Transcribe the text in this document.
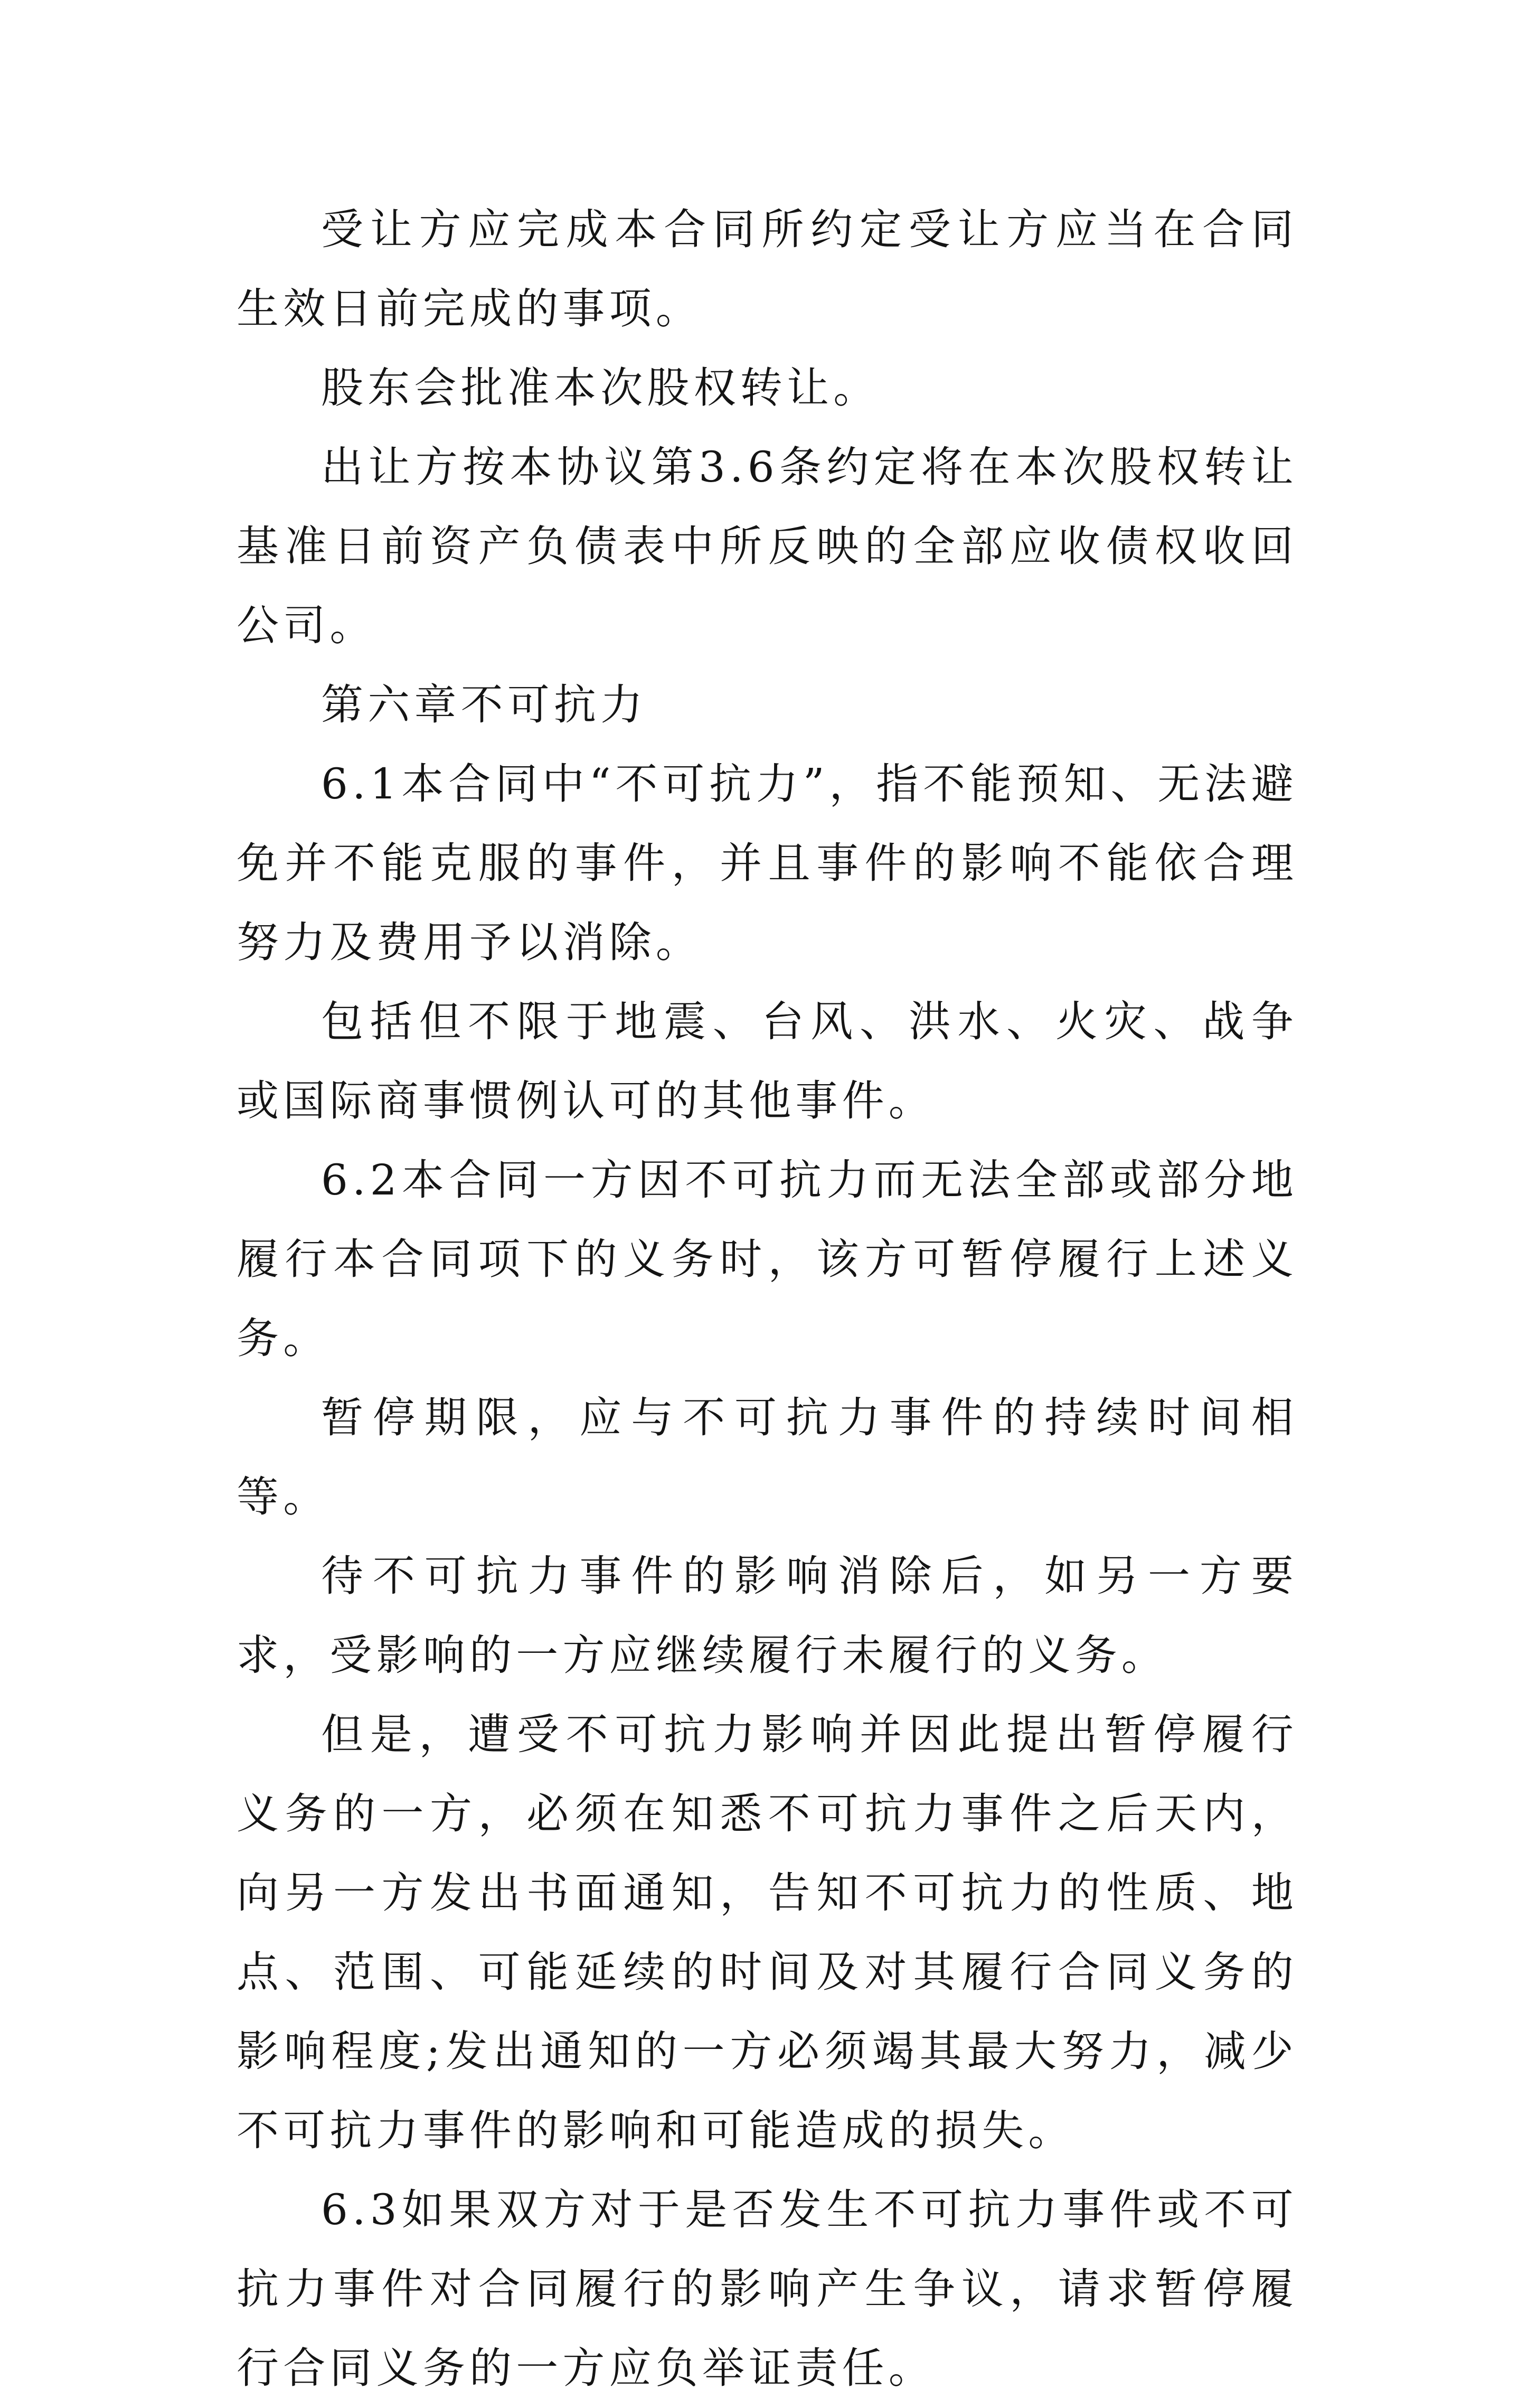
受让方应完成本合同所约定受让方应当在合同生效日前完成的事项。

股东会批准本次股权转让。

出让方按本协议第3.6条约定将在本次股权转让基准日前资产负债表中所反映的全部应收债权收回公司。

第六章不可抗力

6.1本合同中“不可抗力”，指不能预知、无法避免并不能克服的事件，并且事件的影响不能依合理努力及费用予以消除。

包括但不限于地震、台风、洪水、火灾、战争或国际商事惯例认可的其他事件。

6.2本合同一方因不可抗力而无法全部或部分地履行本合同项下的义务时，该方可暂停履行上述义务。

暂停期限，应与不可抗力事件的持续时间相等。

待不可抗力事件的影响消除后，如另一方要求，受影响的一方应继续履行未履行的义务。

但是，遭受不可抗力影响并因此提出暂停履行义务的一方，必须在知悉不可抗力事件之后天内，向另一方发出书面通知，告知不可抗力的性质、地点、范围、可能延续的时间及对其履行合同义务的影响程度;发出通知的一方必须竭其最大努力，减少不可抗力事件的影响和可能造成的损失。

6.3如果双方对于是否发生不可抗力事件或不可抗力事件对合同履行的影响产生争议，请求暂停履行合同义务的一方应负举证责任。
